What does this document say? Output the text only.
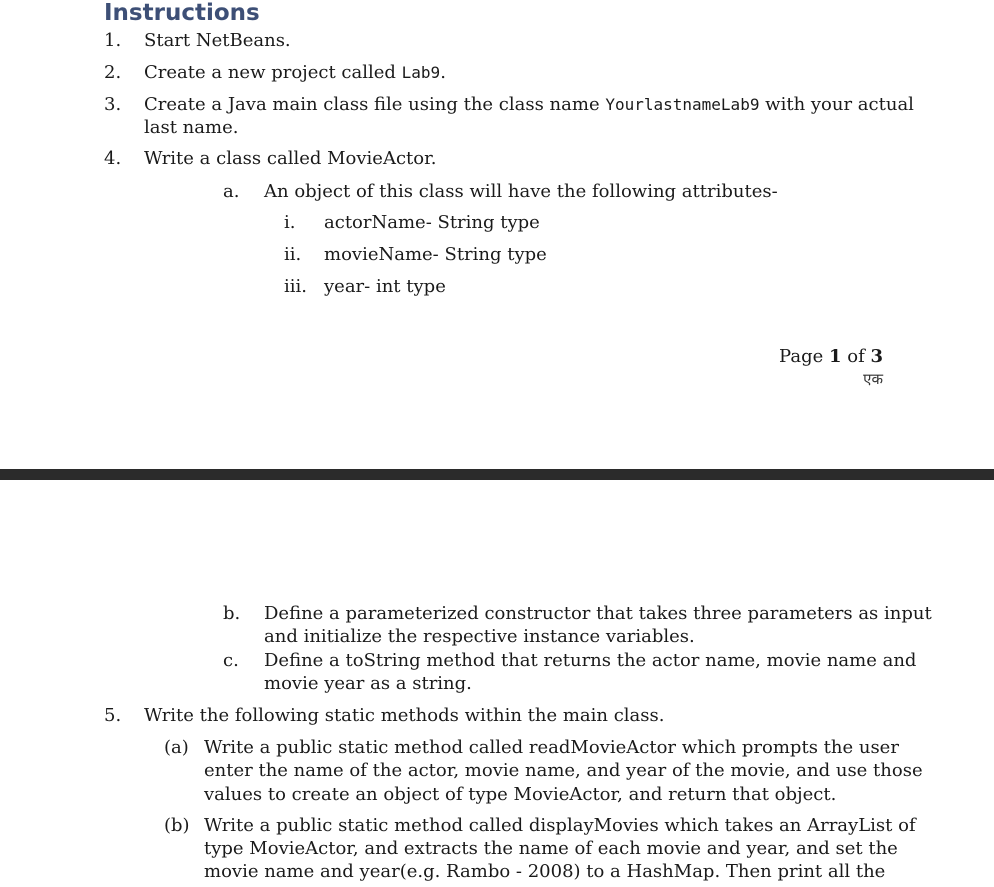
Instructions
1. Start NetBeans.
2. Create a new project called Lab9.
3. Create a Java main class file using the class name YourlastnameLab9 with your actual
last name.
4. Write a class called MovieActor.
a. An object of this class will have the following attributes-
i. actorName- String type
ii. movieName- String type
iii. year- int type
Page 1 of 3
एक
b. Define a parameterized constructor that takes three parameters as input
and initialize the respective instance variables.
c. Define a toString method that returns the actor name, movie name and
movie year as a string.
5. Write the following static methods within the main class.
(a) Write a public static method called readMovieActor which prompts the user
enter the name of the actor, movie name, and year of the movie, and use those
values to create an object of type MovieActor, and return that object.
(b) Write a public static method called displayMovies which takes an ArrayList of
type MovieActor, and extracts the name of each movie and year, and set the
movie name and year(e.g. Rambo - 2008) to a HashMap. Then print all the
